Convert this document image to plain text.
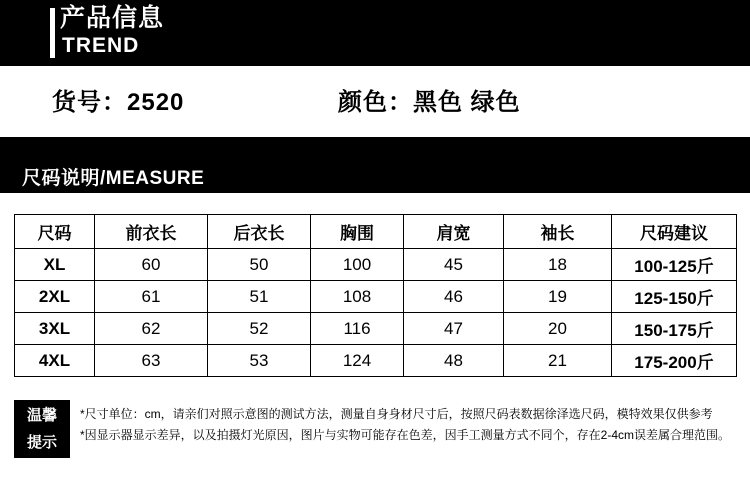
产品信息
TREND
货号：2520	颜色：黑色 绿色
尺码说明/MEASURE
尺码	前衣长	后衣长	胸围	肩宽	袖长	尺码建议
XL	60	50	100	45	18	100-125斤
2XL	61	51	108	46	19	125-150斤
3XL	62	52	116	47	20	150-175斤
4XL	63	53	124	48	21	175-200斤
温馨
提示
*尺寸单位：cm，请亲们对照示意图的测试方法，测量自身身材尺寸后，按照尺码表数据徐泽选尺码，模特效果仅供参考
*因显示器显示差异，以及拍摄灯光原因，图片与实物可能存在色差，因手工测量方式不同个，存在2-4cm误差属合理范围。
